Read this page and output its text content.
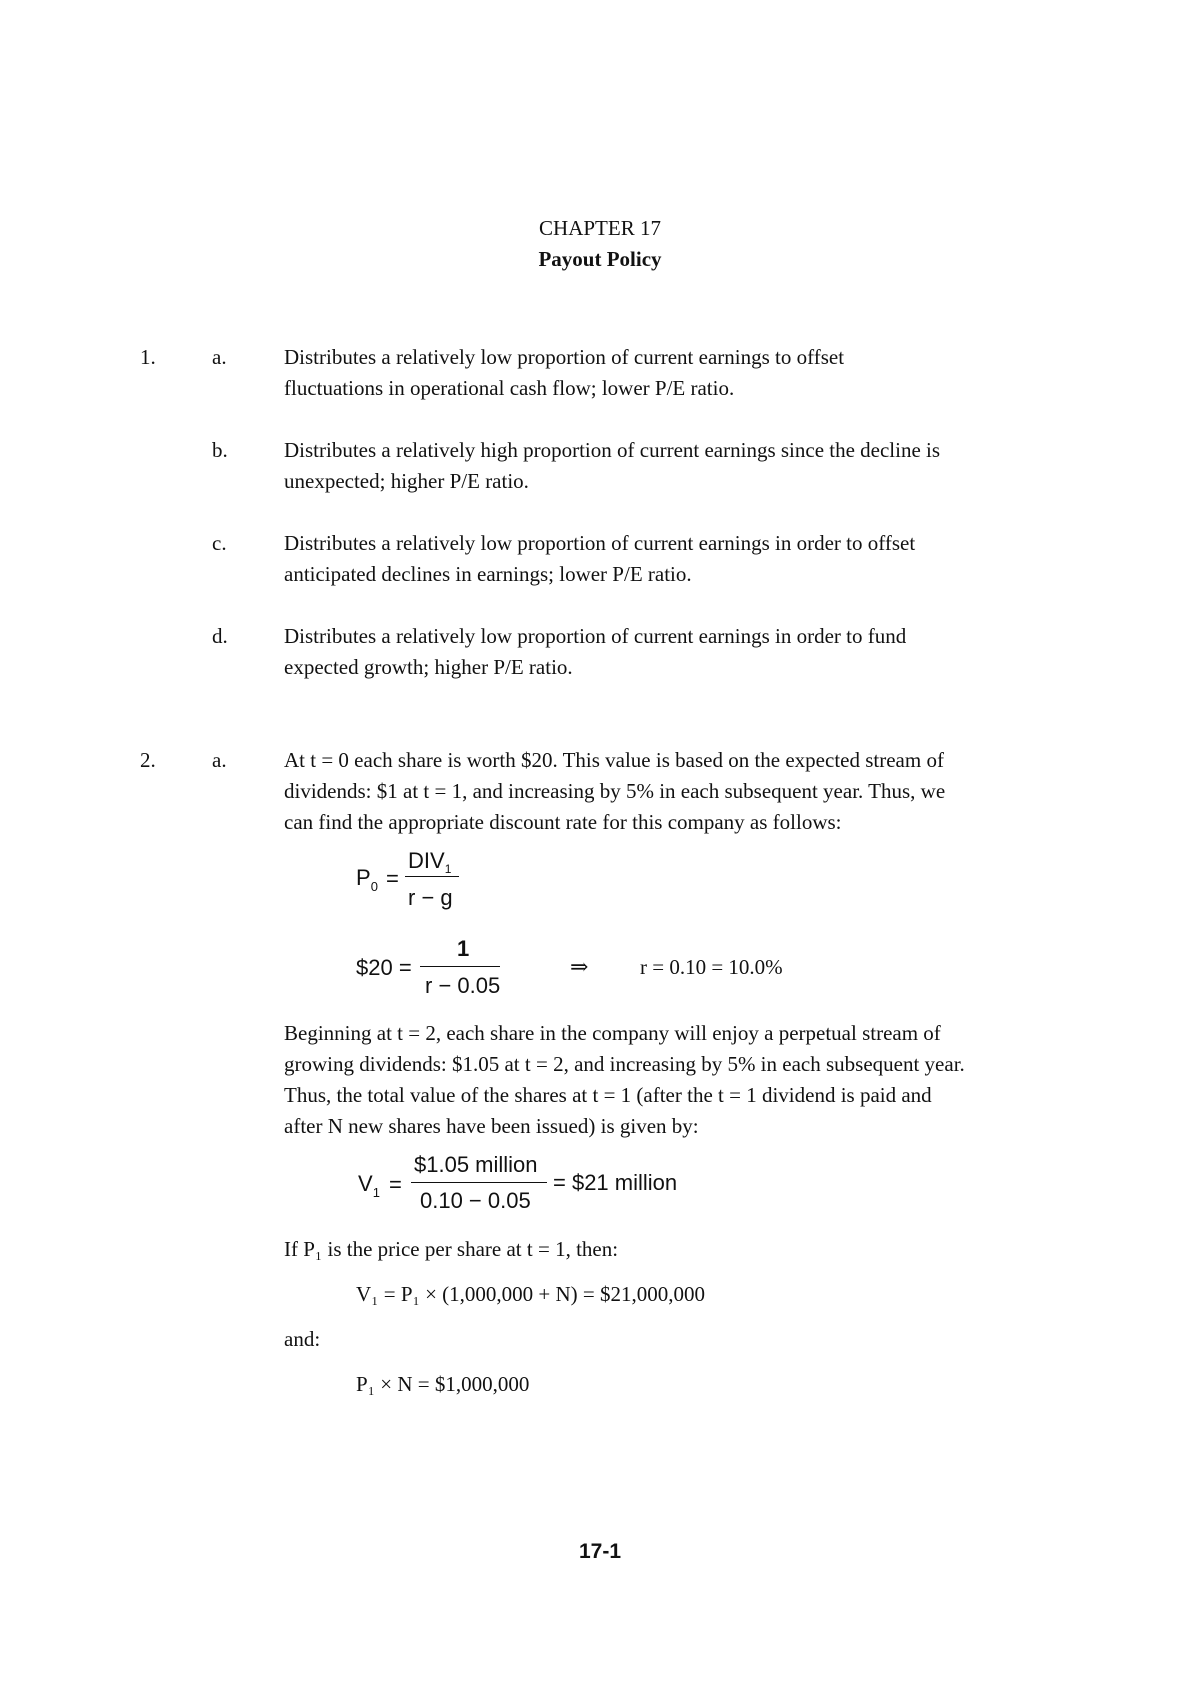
CHAPTER 17
Payout Policy
1.	a.	Distributes a relatively low proportion of current earnings to offset
fluctuations in operational cash flow; lower P/E ratio.
b.	Distributes a relatively high proportion of current earnings since the decline is
unexpected; higher P/E ratio.
c.	Distributes a relatively low proportion of current earnings in order to offset
anticipated declines in earnings; lower P/E ratio.
d.	Distributes a relatively low proportion of current earnings in order to fund
expected growth; higher P/E ratio.
2.	a.	At t = 0 each share is worth $20. This value is based on the expected stream of
dividends: $1 at t = 1, and increasing by 5% in each subsequent year. Thus, we
can find the appropriate discount rate for this company as follows:
$P_0$ =
$DIV_1$
r − g
$20 =
1
r − 0.05
⇒ r = 0.10 = 10.0%
Beginning at t = 2, each share in the company will enjoy a perpetual stream of
growing dividends: $1.05 at t = 2, and increasing by 5% in each subsequent year.
Thus, the total value of the shares at t = 1 (after the t = 1 dividend is paid and
after N new shares have been issued) is given by:
$V_1$ =
$1.05 million
0.10 − 0.05
= $21 million
If P₁ is the price per share at t = 1, then:
V₁ = P₁ × (1,000,000 + N) = $21,000,000
and:
P₁ × N = $1,000,000
17-1
